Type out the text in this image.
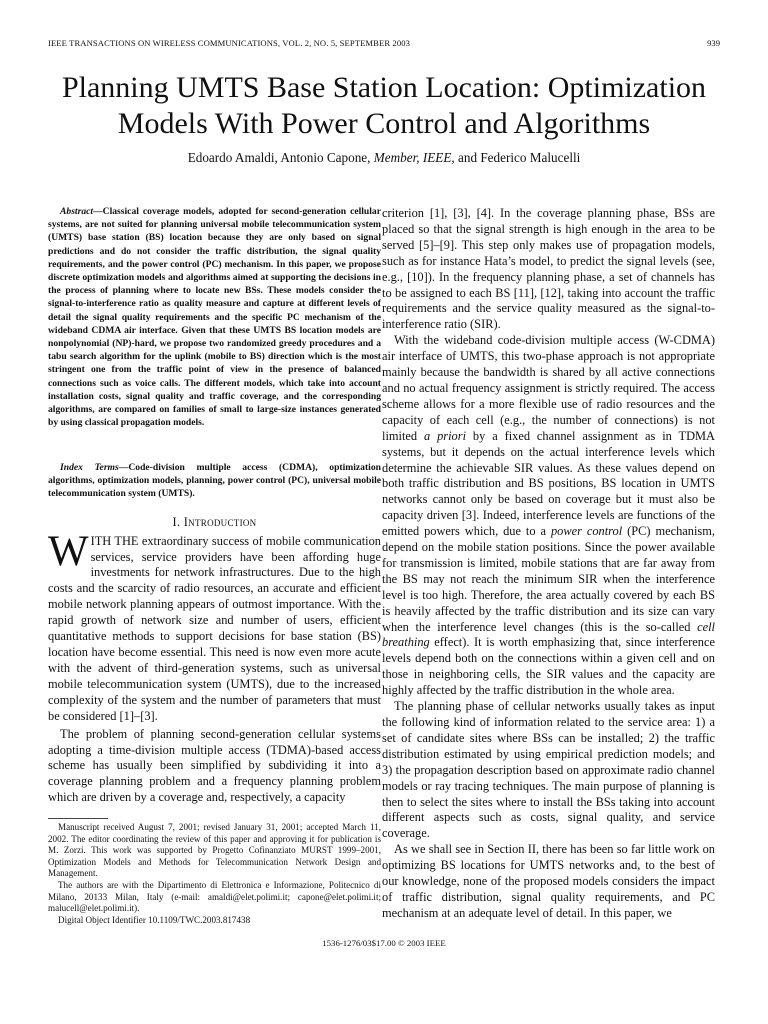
IEEE TRANSACTIONS ON WIRELESS COMMUNICATIONS, VOL. 2, NO. 5, SEPTEMBER 2003	939
Planning UMTS Base Station Location: Optimization Models With Power Control and Algorithms
Edoardo Amaldi, Antonio Capone, Member, IEEE, and Federico Malucelli

Abstract—Classical coverage models, adopted for second-generation cellular systems, are not suited for planning universal mobile telecommunication system (UMTS) base station (BS) location because they are only based on signal predictions and do not consider the traffic distribution, the signal quality requirements, and the power control (PC) mechanism. In this paper, we propose discrete optimization models and algorithms aimed at supporting the decisions in the process of planning where to locate new BSs. These models consider the signal-to-interference ratio as quality measure and capture at different levels of detail the signal quality requirements and the specific PC mechanism of the wideband CDMA air interface. Given that these UMTS BS location models are nonpolynomial (NP)-hard, we propose two randomized greedy procedures and a tabu search algorithm for the uplink (mobile to BS) direction which is the most stringent one from the traffic point of view in the presence of balanced connections such as voice calls. The different models, which take into account installation costs, signal quality and traffic coverage, and the corresponding algorithms, are compared on families of small to large-size instances generated by using classical propagation models.

Index Terms—Code-division multiple access (CDMA), optimization algorithms, optimization models, planning, power control (PC), universal mobile telecommunication system (UMTS).

I. Introduction

WITH THE extraordinary success of mobile communication services, service providers have been affording huge investments for network infrastructures. Due to the high costs and the scarcity of radio resources, an accurate and efficient mobile network planning appears of outmost importance. With the rapid growth of network size and number of users, efficient quantitative methods to support decisions for base station (BS) location have become essential. This need is now even more acute with the advent of third-generation systems, such as universal mobile telecommunication system (UMTS), due to the increased complexity of the system and the number of parameters that must be considered [1]–[3].

The problem of planning second-generation cellular systems adopting a time-division multiple access (TDMA)-based access scheme has usually been simplified by subdividing it into a coverage planning problem and a frequency planning problem which are driven by a coverage and, respectively, a capacity

Manuscript received August 7, 2001; revised January 31, 2001; accepted March 11, 2002. The editor coordinating the review of this paper and approving it for publication is M. Zorzi. This work was supported by Progetto Cofinanziato MURST 1999–2001, Optimization Models and Methods for Telecommunication Network Design and Management.

The authors are with the Dipartimento di Elettronica e Informazione, Politecnico di Milano, 20133 Milan, Italy (e-mail: amaldi@elet.polimi.it; capone@elet.polimi.it; malucell@elet.polimi.it).

Digital Object Identifier 10.1109/TWC.2003.817438

criterion [1], [3], [4]. In the coverage planning phase, BSs are placed so that the signal strength is high enough in the area to be served [5]–[9]. This step only makes use of propagation models, such as for instance Hata’s model, to predict the signal levels (see, e.g., [10]). In the frequency planning phase, a set of channels has to be assigned to each BS [11], [12], taking into account the traffic requirements and the service quality measured as the signal-to-interference ratio (SIR).

With the wideband code-division multiple access (W-CDMA) air interface of UMTS, this two-phase approach is not appropriate mainly because the bandwidth is shared by all active connections and no actual frequency assignment is strictly required. The access scheme allows for a more flexible use of radio resources and the capacity of each cell (e.g., the number of connections) is not limited a priori by a fixed channel assignment as in TDMA systems, but it depends on the actual interference levels which determine the achievable SIR values. As these values depend on both traffic distribution and BS positions, BS location in UMTS networks cannot only be based on coverage but it must also be capacity driven [3]. Indeed, interference levels are functions of the emitted powers which, due to a power control (PC) mechanism, depend on the mobile station positions. Since the power available for transmission is limited, mobile stations that are far away from the BS may not reach the minimum SIR when the interference level is too high. Therefore, the area actually covered by each BS is heavily affected by the traffic distribution and its size can vary when the interference level changes (this is the so-called cell breathing effect). It is worth emphasizing that, since interference levels depend both on the connections within a given cell and on those in neighboring cells, the SIR values and the capacity are highly affected by the traffic distribution in the whole area.

The planning phase of cellular networks usually takes as input the following kind of information related to the service area: 1) a set of candidate sites where BSs can be installed; 2) the traffic distribution estimated by using empirical prediction models; and 3) the propagation description based on approximate radio channel models or ray tracing techniques. The main purpose of planning is then to select the sites where to install the BSs taking into account different aspects such as costs, signal quality, and service coverage.

As we shall see in Section II, there has been so far little work on optimizing BS locations for UMTS networks and, to the best of our knowledge, none of the proposed models considers the impact of traffic distribution, signal quality requirements, and PC mechanism at an adequate level of detail. In this paper, we

1536-1276/03$17.00 © 2003 IEEE
